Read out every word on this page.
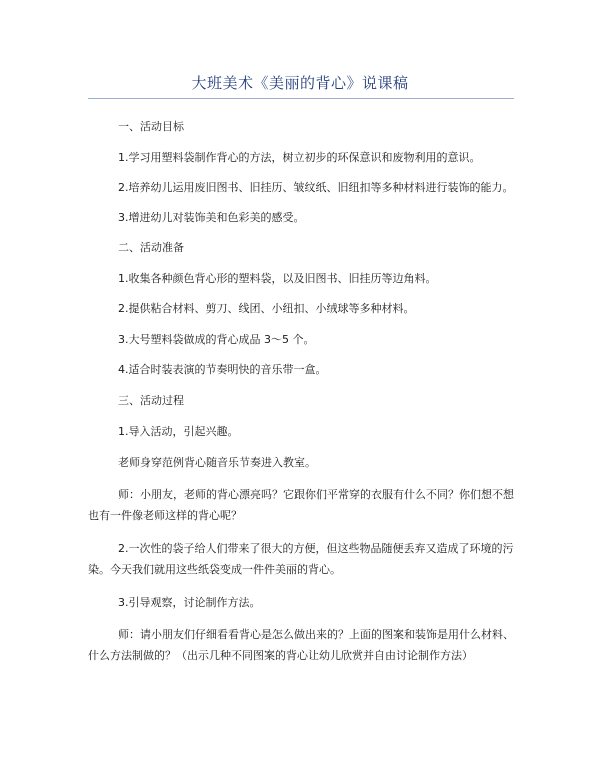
大班美术《美丽的背心》说课稿
一、活动目标
1.学习用塑料袋制作背心的方法，树立初步的环保意识和废物利用的意识。
2.培养幼儿运用废旧图书、旧挂历、皱纹纸、旧纽扣等多种材料进行装饰的能力。
3.增进幼儿对装饰美和色彩美的感受。
二、活动准备
1.收集各种颜色背心形的塑料袋，以及旧图书、旧挂历等边角料。
2.提供粘合材料、剪刀、线团、小纽扣、小绒球等多种材料。
3.大号塑料袋做成的背心成品 3～5 个。
4.适合时装表演的节奏明快的音乐带一盒。
三、活动过程
1.导入活动，引起兴趣。
老师身穿范例背心随音乐节奏进入教室。
师：小朋友，老师的背心漂亮吗？它跟你们平常穿的衣服有什么不同？你们想不想也有一件像老师这样的背心呢？
2.一次性的袋子给人们带来了很大的方便，但这些物品随便丢弃又造成了环境的污染。今天我们就用这些纸袋变成一件件美丽的背心。
3.引导观察，讨论制作方法。
师：请小朋友们仔细看看背心是怎么做出来的？上面的图案和装饰是用什么材料、什么方法制做的？（出示几种不同图案的背心让幼儿欣赏并自由讨论制作方法）
